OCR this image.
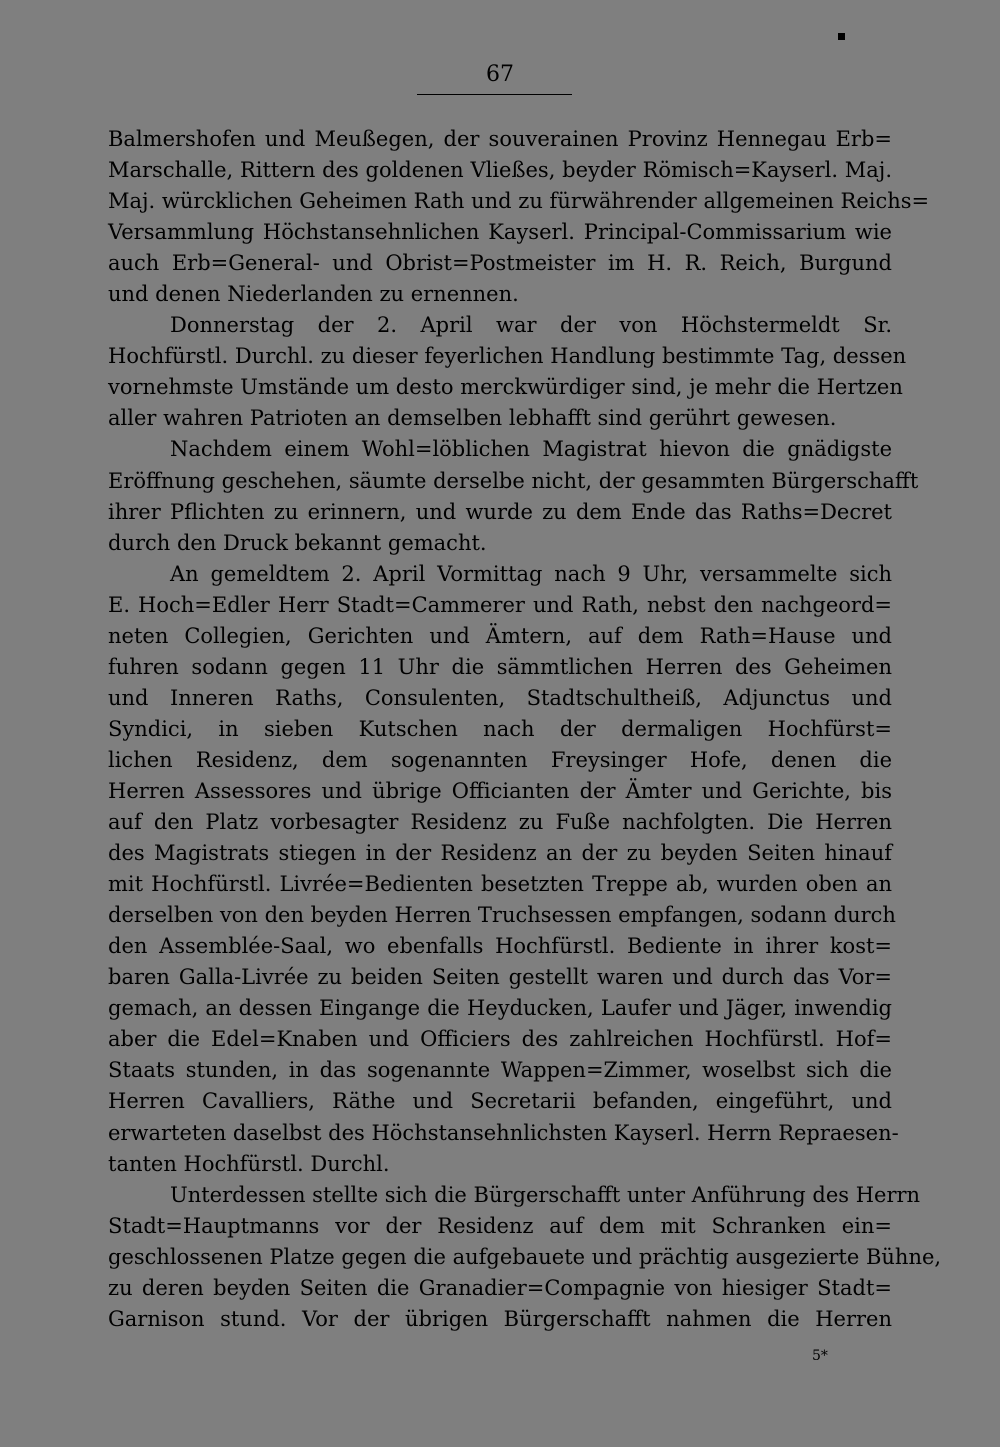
67
Balmershofen und Meußegen, der souverainen Provinz Hennegau Erb=
Marschalle, Rittern des goldenen Vließes, beyder Römisch=Kayserl. Maj.
Maj. würcklichen Geheimen Rath und zu fürwährender allgemeinen Reichs=
Versammlung Höchstansehnlichen Kayserl. Principal-Commissarium wie
auch Erb=General- und Obrist=Postmeister im H. R. Reich, Burgund
und denen Niederlanden zu ernennen.
Donnerstag der 2. April war der von Höchstermeldt Sr.
Hochfürstl. Durchl. zu dieser feyerlichen Handlung bestimmte Tag, dessen
vornehmste Umstände um desto merckwürdiger sind, je mehr die Hertzen
aller wahren Patrioten an demselben lebhafft sind gerührt gewesen.
Nachdem einem Wohl=löblichen Magistrat hievon die gnädigste
Eröffnung geschehen, säumte derselbe nicht, der gesammten Bürgerschafft
ihrer Pflichten zu erinnern, und wurde zu dem Ende das Raths=Decret
durch den Druck bekannt gemacht.
An gemeldtem 2. April Vormittag nach 9 Uhr, versammelte sich
E. Hoch=Edler Herr Stadt=Cammerer und Rath, nebst den nachgeord=
neten Collegien, Gerichten und Ämtern, auf dem Rath=Hause und
fuhren sodann gegen 11 Uhr die sämmtlichen Herren des Geheimen
und Inneren Raths, Consulenten, Stadtschultheiß, Adjunctus und
Syndici, in sieben Kutschen nach der dermaligen Hochfürst=
lichen Residenz, dem sogenannten Freysinger Hofe, denen die
Herren Assessores und übrige Officianten der Ämter und Gerichte, bis
auf den Platz vorbesagter Residenz zu Fuße nachfolgten. Die Herren
des Magistrats stiegen in der Residenz an der zu beyden Seiten hinauf
mit Hochfürstl. Livrée=Bedienten besetzten Treppe ab, wurden oben an
derselben von den beyden Herren Truchsessen empfangen, sodann durch
den Assemblée-Saal, wo ebenfalls Hochfürstl. Bediente in ihrer kost=
baren Galla-Livrée zu beiden Seiten gestellt waren und durch das Vor=
gemach, an dessen Eingange die Heyducken, Laufer und Jäger, inwendig
aber die Edel=Knaben und Officiers des zahlreichen Hochfürstl. Hof=
Staats stunden, in das sogenannte Wappen=Zimmer, woselbst sich die
Herren Cavalliers, Räthe und Secretarii befanden, eingeführt, und
erwarteten daselbst des Höchstansehnlichsten Kayserl. Herrn Repraesen-
tanten Hochfürstl. Durchl.
Unterdessen stellte sich die Bürgerschafft unter Anführung des Herrn
Stadt=Hauptmanns vor der Residenz auf dem mit Schranken ein=
geschlossenen Platze gegen die aufgebauete und prächtig ausgezierte Bühne,
zu deren beyden Seiten die Granadier=Compagnie von hiesiger Stadt=
Garnison stund. Vor der übrigen Bürgerschafft nahmen die Herren
5*
